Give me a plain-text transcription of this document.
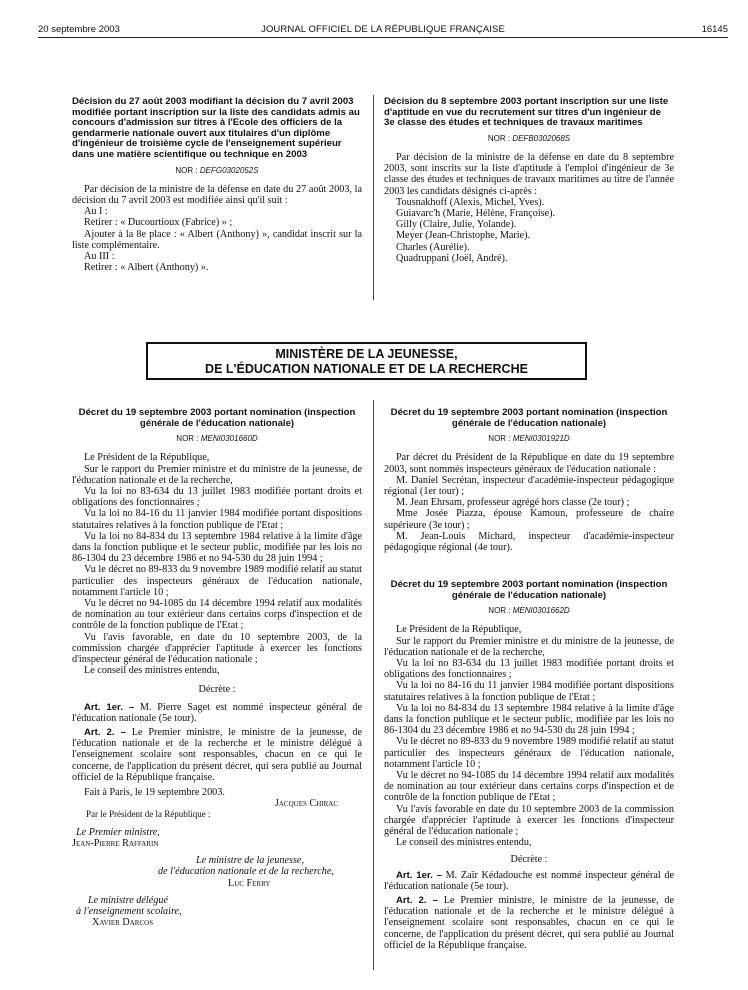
20 septembre 2003	JOURNAL OFFICIEL DE LA RÉPUBLIQUE FRANÇAISE	16145
Décision du 27 août 2003 modifiant la décision du 7 avril 2003 modifiée portant inscription sur la liste des candidats admis au concours d'admission sur titres à l'Ecole des officiers de la gendarmerie nationale ouvert aux titulaires d'un diplôme d'ingénieur de troisième cycle de l'enseignement supérieur dans une matière scientifique ou technique en 2003
NOR : DEFG0302052S

Par décision de la ministre de la défense en date du 27 août 2003, la décision du 7 avril 2003 est modifiée ainsi qu'il suit :

Au I :

Retirer : « Ducourtioux (Fabrice) » ;

Ajouter à la 8e place : « Albert (Anthony) », candidat inscrit sur la liste complémentaire.

Au III :

Retirer : « Albert (Anthony) ».

Décision du 8 septembre 2003 portant inscription sur une liste d'aptitude en vue du recrutement sur titres d'un ingénieur de 3e classe des études et techniques de travaux maritimes
NOR : DEFB0302068S

Par décision de la ministre de la défense en date du 8 septembre 2003, sont inscrits sur la liste d'aptitude à l'emploi d'ingénieur de 3e classe des études et techniques de travaux maritimes au titre de l'année 2003 les candidats désignés ci-après :

Tousnakhoff (Alexis, Michel, Yves).

Guiavarc'h (Marie, Hélène, Françoise).

Gilly (Claire, Julie, Yolande).

Meyer (Jean-Christophe, Marie).

Charles (Aurélie).

Quadruppani (Joël, André).

MINISTÈRE DE LA JEUNESSE,
DE L'ÉDUCATION NATIONALE ET DE LA RECHERCHE
Décret du 19 septembre 2003 portant nomination (inspection générale de l'éducation nationale)
NOR : MENI0301660D

Le Président de la République,

Sur le rapport du Premier ministre et du ministre de la jeunesse, de l'éducation nationale et de la recherche,

Vu la loi no 83-634 du 13 juillet 1983 modifiée portant droits et obligations des fonctionnaires ;

Vu la loi no 84-16 du 11 janvier 1984 modifiée portant dispositions statutaires relatives à la fonction publique de l'Etat ;

Vu la loi no 84-834 du 13 septembre 1984 relative à la limite d'âge dans la fonction publique et le secteur public, modifiée par les lois no 86-1304 du 23 décembre 1986 et no 94-530 du 28 juin 1994 ;

Vu le décret no 89-833 du 9 novembre 1989 modifié relatif au statut particulier des inspecteurs généraux de l'éducation nationale, notamment l'article 10 ;

Vu le décret no 94-1085 du 14 décembre 1994 relatif aux modalités de nomination au tour extérieur dans certains corps d'inspection et de contrôle de la fonction publique de l'Etat ;

Vu l'avis favorable, en date du 10 septembre 2003, de la commission chargée d'apprécier l'aptitude à exercer les fonctions d'inspecteur général de l'éducation nationale ;

Le conseil des ministres entendu,

Décrète :

Art. 1er. – M. Pierre Saget est nommé inspecteur général de l'éducation nationale (5e tour).

Art. 2. – Le Premier ministre, le ministre de la jeunesse, de l'éducation nationale et de la recherche et le ministre délégué à l'enseignement scolaire sont responsables, chacun en ce qui le concerne, de l'application du présent décret, qui sera publié au Journal officiel de la République française.

Fait à Paris, le 19 septembre 2003.

Jacques Chirac
Par le Président de la République :
Le Premier ministre,
Jean-Pierre Raffarin
Le ministre de la jeunesse,
de l'éducation nationale et de la recherche,
Luc Ferry
Le ministre délégué
à l'enseignement scolaire,
Xavier Darcos
Décret du 19 septembre 2003 portant nomination (inspection générale de l'éducation nationale)
NOR : MENI0301921D

Par décret du Président de la République en date du 19 septembre 2003, sont nommés inspecteurs généraux de l'éducation nationale :

M. Daniel Secrétan, inspecteur d'académie-inspecteur pédagogique régional (1er tour) ;

M. Jean Ehrsam, professeur agrégé hors classe (2e tour) ;

Mme Josée Piazza, épouse Kamoun, professeure de chaire supérieure (3e tour) ;

M. Jean-Louis Michard, inspecteur d'académie-inspecteur pédagogique régional (4e tour).

Décret du 19 septembre 2003 portant nomination (inspection générale de l'éducation nationale)
NOR : MENI0301662D

Le Président de la République,

Sur le rapport du Premier ministre et du ministre de la jeunesse, de l'éducation nationale et de la recherche,

Vu la loi no 83-634 du 13 juillet 1983 modifiée portant droits et obligations des fonctionnaires ;

Vu la loi no 84-16 du 11 janvier 1984 modifiée portant dispositions statutaires relatives à la fonction publique de l'Etat ;

Vu la loi no 84-834 du 13 septembre 1984 relative à la limite d'âge dans la fonction publique et le secteur public, modifiée par les lois no 86-1304 du 23 décembre 1986 et no 94-530 du 28 juin 1994 ;

Vu le décret no 89-833 du 9 novembre 1989 modifié relatif au statut particulier des inspecteurs généraux de l'éducation nationale, notamment l'article 10 ;

Vu le décret no 94-1085 du 14 décembre 1994 relatif aux modalités de nomination au tour extérieur dans certains corps d'inspection et de contrôle de la fonction publique de l'Etat ;

Vu l'avis favorable en date du 10 septembre 2003 de la commission chargée d'apprécier l'aptitude à exercer les fonctions d'inspecteur général de l'éducation nationale ;

Le conseil des ministres entendu,

Décrète :

Art. 1er. – M. Zaïr Kédadouche est nommé inspecteur général de l'éducation nationale (5e tour).

Art. 2. – Le Premier ministre, le ministre de la jeunesse, de l'éducation nationale et de la recherche et le ministre délégué à l'enseignement scolaire sont responsables, chacun en ce qui le concerne, de l'application du présent décret, qui sera publié au Journal officiel de la République française.
